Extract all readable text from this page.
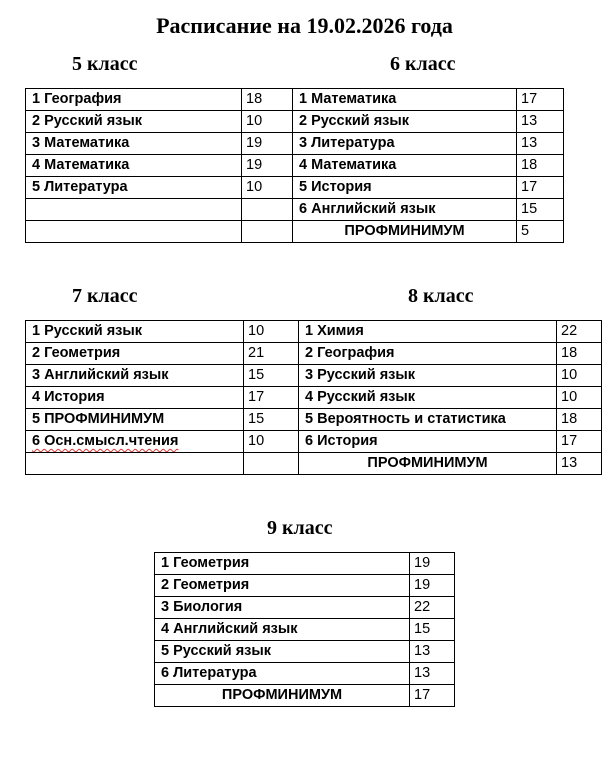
Расписание на 19.02.2026 года
5 класс
1 География	18
2 Русский язык	10
3 Математика	19
4 Математика	19
5 Литература	10

6 класс
1 Математика	17
2 Русский язык	13
3 Литература	13
4 Математика	18
5 История	17
6 Английский язык	15
ПРОФМИНИМУМ	5
7 класс
1 Русский язык	10
2 Геометрия	21
3 Английский язык	15
4 История	17
5 ПРОФМИНИМУМ	15
6 Осн.смысл.чтения	10

8 класс
1 Химия	22
2 География	18
3 Русский язык	10
4 Русский язык	10
5 Вероятность и статистика	18
6 История	17
ПРОФМИНИМУМ	13
9 класс
1 Геометрия	19
2 Геометрия	19
3 Биология	22
4 Английский язык	15
5 Русский язык	13
6 Литература	13
ПРОФМИНИМУМ	17
